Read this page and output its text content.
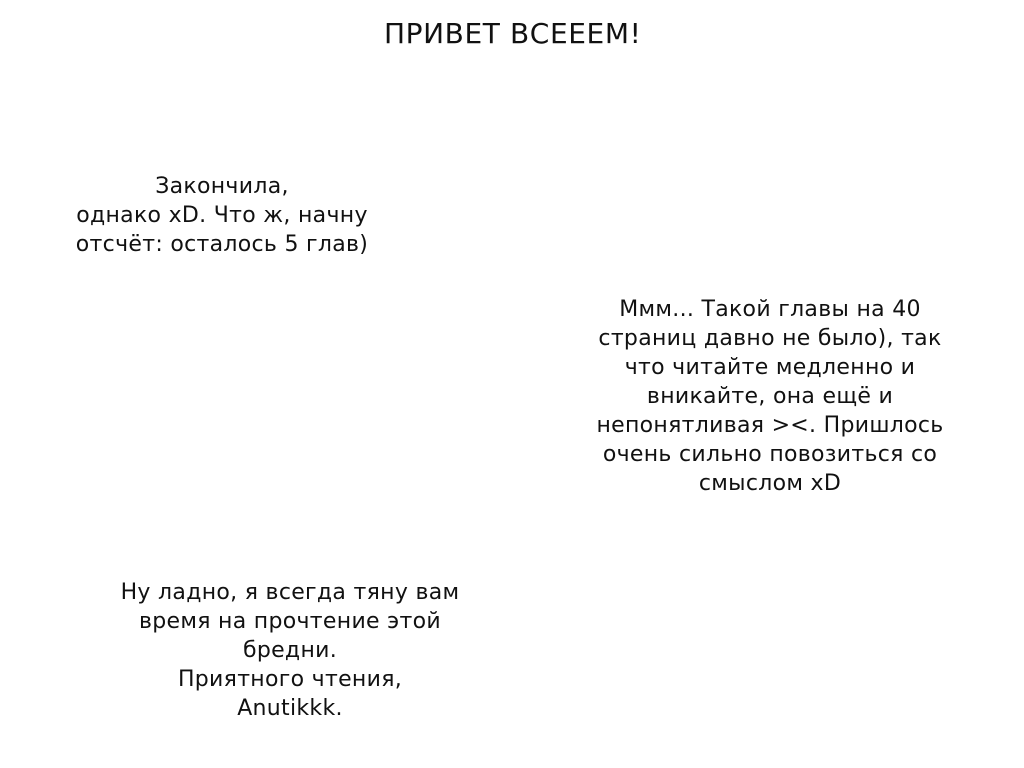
ПРИВЕТ ВСЕЕЕМ!
Закончила,
однако xD. Что ж, начну
отсчёт: осталось 5 глав)
Ммм... Такой главы на 40
страниц давно не было), так
что читайте медленно и
вникайте, она ещё и
непонятливая ><. Пришлось
очень сильно повозиться со
смыслом xD
Ну ладно, я всегда тяну вам
время на прочтение этой
бредни.
Приятного чтения,
Anutikkk.
